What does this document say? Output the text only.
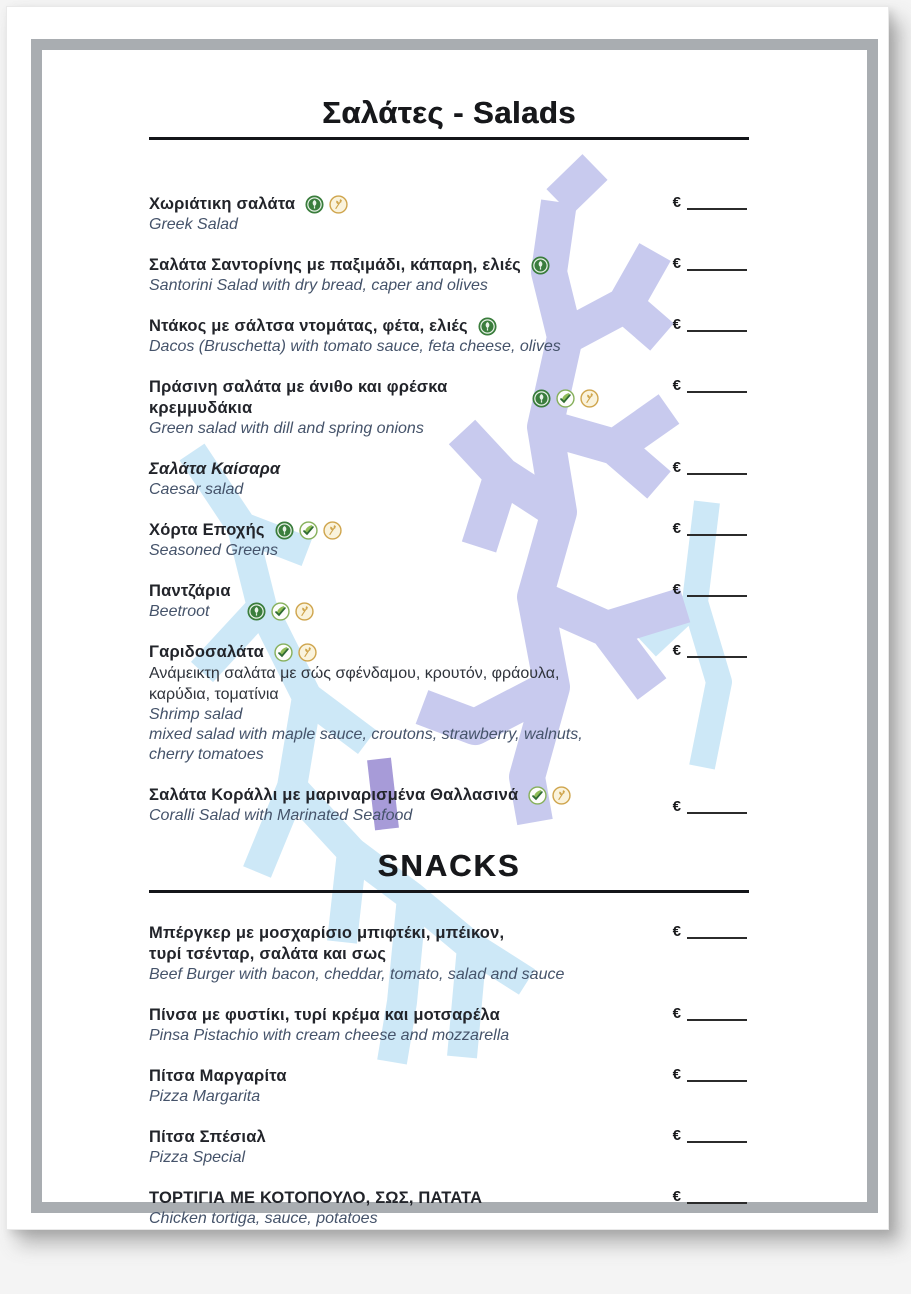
Σαλάτες - Salads
Χωριάτικη σαλάτα
Greek Salad
€
Σαλάτα Σαντορίνης με παξιμάδι, κάπαρη, ελιές
Santorini Salad with dry bread, caper and olives
€
Ντάκος με σάλτσα ντομάτας, φέτα, ελιές
Dacos (Bruschetta) with tomato sauce, feta cheese, olives
€
Πράσινη σαλάτα με άνιθο και φρέσκα κρεμμυδάκια
Green salad with dill and spring onions
€
Σαλάτα Καίσαρα
Caesar salad
€
Χόρτα Εποχής
Seasoned Greens
€
Παντζάρια
Beetroot
€
Γαριδοσαλάτα
Ανάμεικτη σαλάτα με σώς σφένδαμου, κρουτόν, φράουλα, καρύδια, τοματίνια
Shrimp salad
mixed salad with maple sauce, croutons, strawberry, walnuts, cherry tomatoes
€
Σαλάτα Κοράλλι με μαριναρισμένα Θαλλασινά
Coralli Salad with Marinated Seafood
€
SNACKS
Μπέργκερ με μοσχαρίσιο μπιφτέκι, μπέικον,
τυρί τσένταρ, σαλάτα και σως
Beef Burger with bacon, cheddar, tomato, salad and sauce
€
Πίνσα με φυστίκι, τυρί κρέμα και μοτσαρέλα
Pinsa Pistachio with cream cheese and mozzarella
€
Πίτσα Μαργαρίτα
Pizza Margarita
€
Πίτσα Σπέσιαλ
Pizza Special
€
ΤΟΡΤΙΓΙΑ ΜΕ ΚΟΤΟΠΟΥΛΟ, ΣΩΣ, ΠΑΤΑΤΑ
Chicken tortiga, sauce, potatoes
€
